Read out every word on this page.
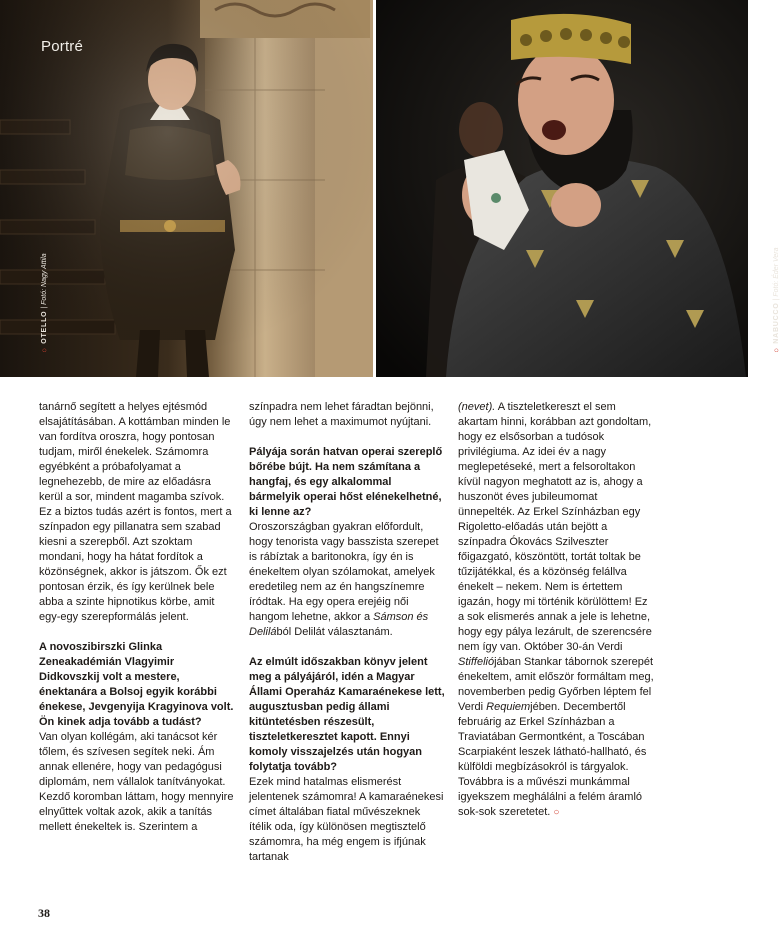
Portré
○ OTELLO | Fotó: Nagy Attila
○ NABUCCO | Fotó: Éder Vera

tanárnő segített a helyes ejtésmód elsajátításában. A kottámban minden le van fordítva oroszra, hogy pontosan tudjam, miről énekelek. Számomra egyébként a próbafolyamat a legnehezebb, de mire az előadásra kerül a sor, mindent magamba szívok. Ez a biztos tudás azért is fontos, mert a színpadon egy pillanatra sem szabad kiesni a szerepből. Azt szoktam mondani, hogy ha hátat fordítok a közönségnek, akkor is játszom. Ők ezt pontosan érzik, és így kerülnek bele abba a szinte hipnotikus körbe, amit egy-egy szerepformálás jelent.

A novoszibirszki Glinka Zeneakadémián Vlagyimir Didkovszkij volt a mestere, énektanára a Bolsoj egyik korábbi énekese, Jevgenyija Kragyinova volt. Ön kinek adja tovább a tudást?

Van olyan kollégám, aki tanácsot kér tőlem, és szívesen segítek neki. Ám annak ellenére, hogy van pedagógusi diplomám, nem vállalok tanítványokat. Kezdő koromban láttam, hogy mennyire elnyűttek voltak azok, akik a tanítás mellett énekeltek is. Szerintem a

színpadra nem lehet fáradtan bejönni, úgy nem lehet a maximumot nyújtani.

Pályája során hatvan operai szereplő bőrébe bújt. Ha nem számítana a hangfaj, és egy alkalommal bármelyik operai hőst elénekelhetné, ki lenne az?

Oroszországban gyakran előfordult, hogy tenorista vagy basszista szerepet is rábíztak a baritonokra, így én is énekeltem olyan szólamokat, amelyek eredetileg nem az én hangszínemre íródtak. Ha egy opera erejéig női hangom lehetne, akkor a Sámson és Delilából Delilát választanám.

Az elmúlt időszakban könyv jelent meg a pályájáról, idén a Magyar Állami Operaház Kamaraénekese lett, augusztusban pedig állami kitüntetésben részesült, tiszteletkeresztet kapott. Ennyi komoly visszajelzés után hogyan folytatja tovább?

Ezek mind hatalmas elismerést jelentenek számomra! A kamaraénekesi címet általában fiatal művészeknek ítélik oda, így különösen megtisztelő számomra, ha még engem is ifjúnak tartanak

(nevet). A tiszteletkereszt el sem akartam hinni, korábban azt gondoltam, hogy ez elsősorban a tudósok privilégiuma. Az idei év a nagy meglepetéseké, mert a felsoroltakon kívül nagyon meghatott az is, ahogy a huszonöt éves jubileumomat ünnepelték. Az Erkel Színházban egy Rigoletto-előadás után bejött a színpadra Ókovács Szilveszter főigazgató, köszöntött, tortát toltak be tűzijátékkal, és a közönség felállva énekelt – nekem. Nem is értettem igazán, hogy mi történik körülöttem! Ez a sok elismerés annak a jele is lehetne, hogy egy pálya lezárult, de szerencsére nem így van. Október 30-án Verdi Stiffeliójában Stankar tábornok szerepét énekeltem, amit először formáltam meg, novemberben pedig Győrben léptem fel Verdi Requiemjében. Decembertől februárig az Erkel Színházban a Traviatában Germontként, a Toscában Scarpiaként leszek látható-hallható, és külföldi megbízásokról is tárgyalok. Továbbra is a művészi munkámmal igyekszem meghálálni a felém áramló sok-sok szeretetet. ○

38
